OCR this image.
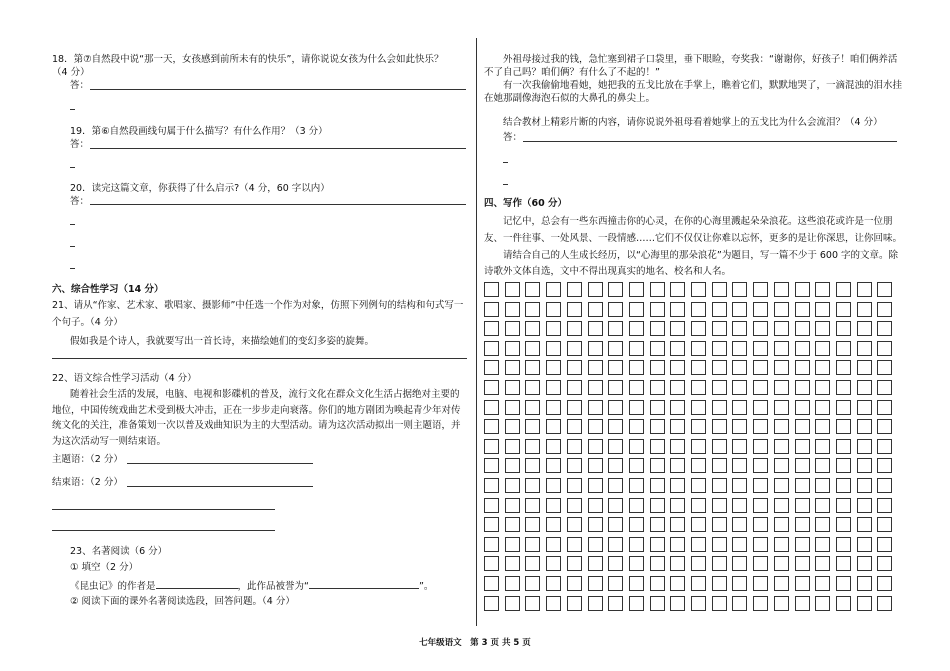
18．第⑦自然段中说“那一天，女孩感到前所未有的快乐”，请你说说女孩为什么会如此快乐？
（4 分）
答：
19．第⑥自然段画线句属于什么描写？有什么作用？（3 分）
答：
20．读完这篇文章，你获得了什么启示?（4 分，60 字以内）
答：
六、综合性学习（14 分）
21、请从“作家、艺术家、歌唱家、摄影师”中任选一个作为对象，仿照下列例句的结构和句式写一
个句子。（4 分）
假如我是个诗人，我就要写出一首长诗，来描绘她们的变幻多姿的旋舞。
22、语文综合性学习活动（4 分）
随着社会生活的发展，电脑、电视和影碟机的普及，流行文化在群众文化生活占据绝对主要的
地位，中国传统戏曲艺术受到极大冲击，正在一步步走向衰落。你们的地方剧团为唤起青少年对传
统文化的关注，准备策划一次以普及戏曲知识为主的大型活动。请为这次活动拟出一则主题语，并
为这次活动写一则结束语。
主题语：（2 分）
结束语：（2 分）
23、名著阅读（6 分）
① 填空（2 分）
《昆虫记》的作者是	，此作品被誉为“	”。
② 阅读下面的课外名著阅读选段，回答问题。（4 分）
外祖母接过我的钱，急忙塞到裙子口袋里，垂下眼睑，夸奖我：“谢谢你，好孩子！咱们俩养活
不了自己吗？咱们俩？有什么了不起的！”
有一次我偷偷地看她，她把我的五戈比放在手掌上，瞧着它们，默默地哭了，一滴混浊的泪水挂
在她那副像海泡石似的大鼻孔的鼻尖上。
结合教材上精彩片断的内容，请你说说外祖母看着她掌上的五戈比为什么会流泪？（4 分）
答：
四、写作（60 分）
记忆中，总会有一些东西撞击你的心灵，在你的心海里溅起朵朵浪花。这些浪花或许是一位朋
友、一件往事、一处风景、一段情感……它们不仅仅让你难以忘怀，更多的是让你深思，让你回味。
请结合自己的人生成长经历，以“心海里的那朵浪花”为题目，写一篇不少于 600 字的文章。除
诗歌外文体自选，文中不得出现真实的地名、校名和人名。
七年级语文　第 3 页 共 5 页
